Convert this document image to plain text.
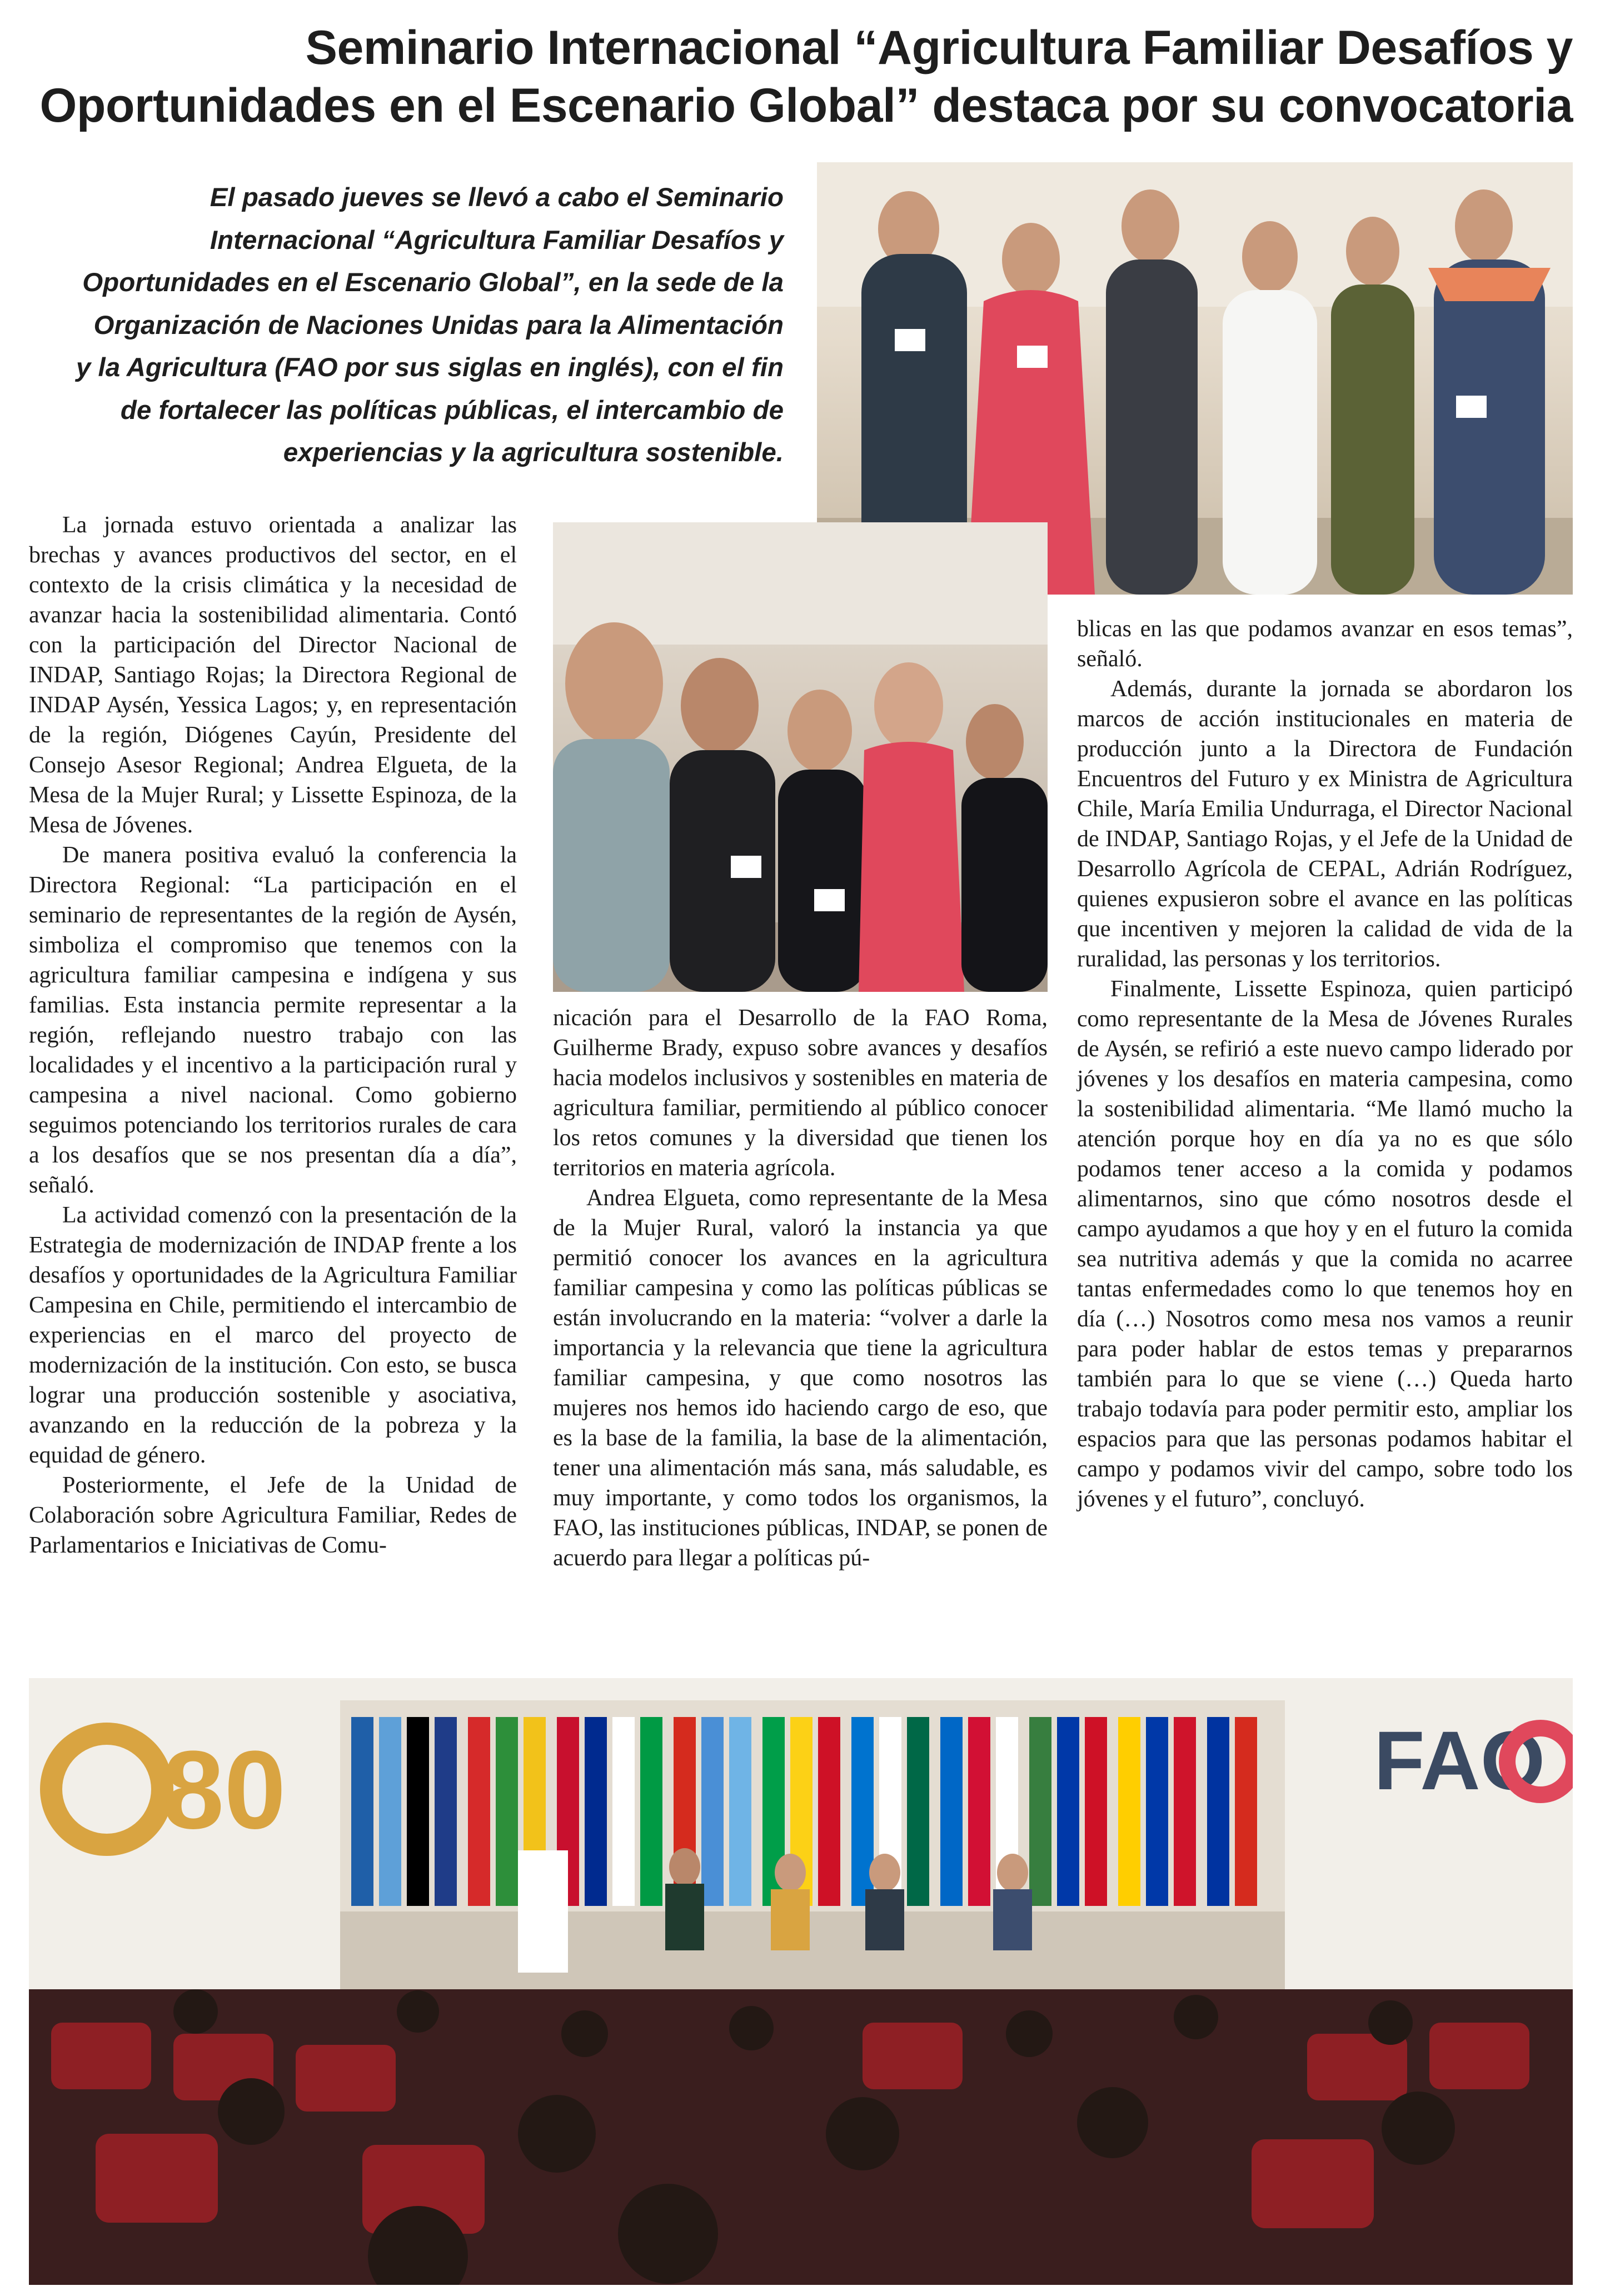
Seminario Internacional “Agricultura Familiar Desafíos y
Oportunidades en el Escenario Global” destaca por su convocatoria
El pasado jueves se llevó a cabo el Seminario
Internacional “Agricultura Familiar Desafíos y
Oportunidades en el Escenario Global”, en la sede de la
Organización de Naciones Unidas para la Alimentación
y la Agricultura (FAO por sus siglas en inglés), con el fin
de fortalecer las políticas públicas, el intercambio de
experiencias y la agricultura sostenible.

La jornada estuvo orientada a analizar las brechas y avances productivos del sector, en el contexto de la crisis climática y la necesidad de avanzar hacia la sostenibilidad alimentaria. Contó con la participación del Director Nacional de INDAP, Santiago Rojas; la Directora Regional de INDAP Aysén, Yessica Lagos; y, en representación de la región, Diógenes Cayún, Presidente del Consejo Asesor Regional; Andrea Elgueta, de la Mesa de la Mujer Rural; y Lissette Espinoza, de la Mesa de Jóvenes.

De manera positiva evaluó la conferencia la Directora Regional: “La participación en el seminario de representantes de la región de Aysén, simboliza el compromiso que tenemos con la agricultura familiar campesina e indígena y sus familias. Esta instancia permite representar a la región, reflejando nuestro trabajo con las localidades y el incentivo a la participación rural y campesina a nivel nacional. Como gobierno seguimos potenciando los territorios rurales de cara a los desafíos que se nos presentan día a día”, señaló.

La actividad comenzó con la presentación de la Estrategia de modernización de INDAP frente a los desafíos y oportunidades de la Agricultura Familiar Campesina en Chile, permitiendo el intercambio de experiencias en el marco del proyecto de modernización de la institución. Con esto, se busca lograr una producción sostenible y asociativa, avanzando en la reducción de la pobreza y la equidad de género.

Posteriormente, el Jefe de la Unidad de Colaboración sobre Agricultura Familiar, Redes de Parlamentarios e Iniciativas de Comu-

nicación para el Desarrollo de la FAO Roma, Guilherme Brady, expuso sobre avances y desafíos hacia modelos inclusivos y sostenibles en materia de agricultura familiar, permitiendo al público conocer los retos comunes y la diversidad que tienen los territorios en materia agrícola.

Andrea Elgueta, como representante de la Mesa de la Mujer Rural, valoró la instancia ya que permitió conocer los avances en la agricultura familiar campesina y como las políticas públicas se están involucrando en la materia: “volver a darle la importancia y la relevancia que tiene la agricultura familiar campesina, y que como nosotros las mujeres nos hemos ido haciendo cargo de eso, que es la base de la familia, la base de la alimentación, tener una alimentación más sana, más saludable, es muy importante, y como todos los organismos, la FAO, las instituciones públicas, INDAP, se ponen de acuerdo para llegar a políticas pú-

blicas en las que podamos avanzar en esos temas”, señaló.

Además, durante la jornada se abordaron los marcos de acción institucionales en materia de producción junto a la Directora de Fundación Encuentros del Futuro y ex Ministra de Agricultura Chile, María Emilia Undurraga, el Director Nacional de INDAP, Santiago Rojas, y el Jefe de la Unidad de Desarrollo Agrícola de CEPAL, Adrián Rodríguez, quienes expusieron sobre el avance en las políticas que incentiven y mejoren la calidad de vida de la ruralidad, las personas y los territorios.

Finalmente, Lissette Espinoza, quien participó como representante de la Mesa de Jóvenes Rurales de Aysén, se refirió a este nuevo campo liderado por jóvenes y los desafíos en materia campesina, como la sostenibilidad alimentaria. “Me llamó mucho la atención porque hoy en día ya no es que sólo podamos tener acceso a la comida y podamos alimentarnos, sino que cómo nosotros desde el campo ayudamos a que hoy y en el futuro la comida sea nutritiva además y que la comida no acarree tantas enfermedades como lo que tenemos hoy en día (…) Nosotros como mesa nos vamos a reunir para poder hablar de estos temas y prepararnos también para lo que se viene (…) Queda harto trabajo todavía para poder permitir esto, ampliar los espacios para que las personas podamos habitar el campo y podamos vivir del campo, sobre todo los jóvenes y el futuro”, concluyó.

80	FAO
